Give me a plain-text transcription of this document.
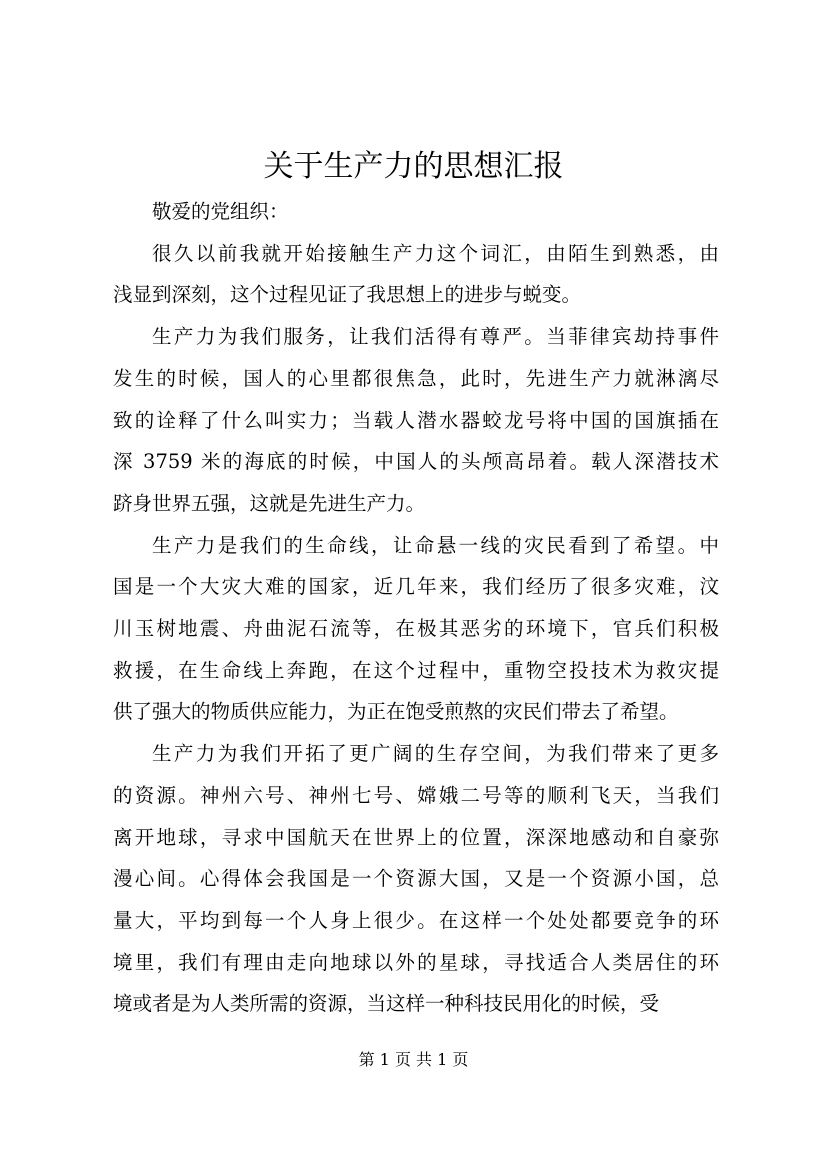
关于生产力的思想汇报

敬爱的党组织：

很久以前我就开始接触生产力这个词汇，由陌生到熟悉，由
浅显到深刻，这个过程见证了我思想上的进步与蜕变。
生产力为我们服务，让我们活得有尊严。当菲律宾劫持事件
发生的时候，国人的心里都很焦急，此时，先进生产力就淋漓尽
致的诠释了什么叫实力；当载人潜水器蛟龙号将中国的国旗插在
深 3759 米的海底的时候，中国人的头颅高昂着。载人深潜技术
跻身世界五强，这就是先进生产力。
生产力是我们的生命线，让命悬一线的灾民看到了希望。中
国是一个大灾大难的国家，近几年来，我们经历了很多灾难，汶
川玉树地震、舟曲泥石流等，在极其恶劣的环境下，官兵们积极
救援，在生命线上奔跑，在这个过程中，重物空投技术为救灾提
供了强大的物质供应能力，为正在饱受煎熬的灾民们带去了希望。
生产力为我们开拓了更广阔的生存空间，为我们带来了更多
的资源。神州六号、神州七号、嫦娥二号等的顺利飞天，当我们
离开地球，寻求中国航天在世界上的位置，深深地感动和自豪弥
漫心间。心得体会我国是一个资源大国，又是一个资源小国，总
量大，平均到每一个人身上很少。在这样一个处处都要竞争的环
境里，我们有理由走向地球以外的星球，寻找适合人类居住的环
境或者是为人类所需的资源，当这样一种科技民用化的时候，受
第 1 页 共 1 页
